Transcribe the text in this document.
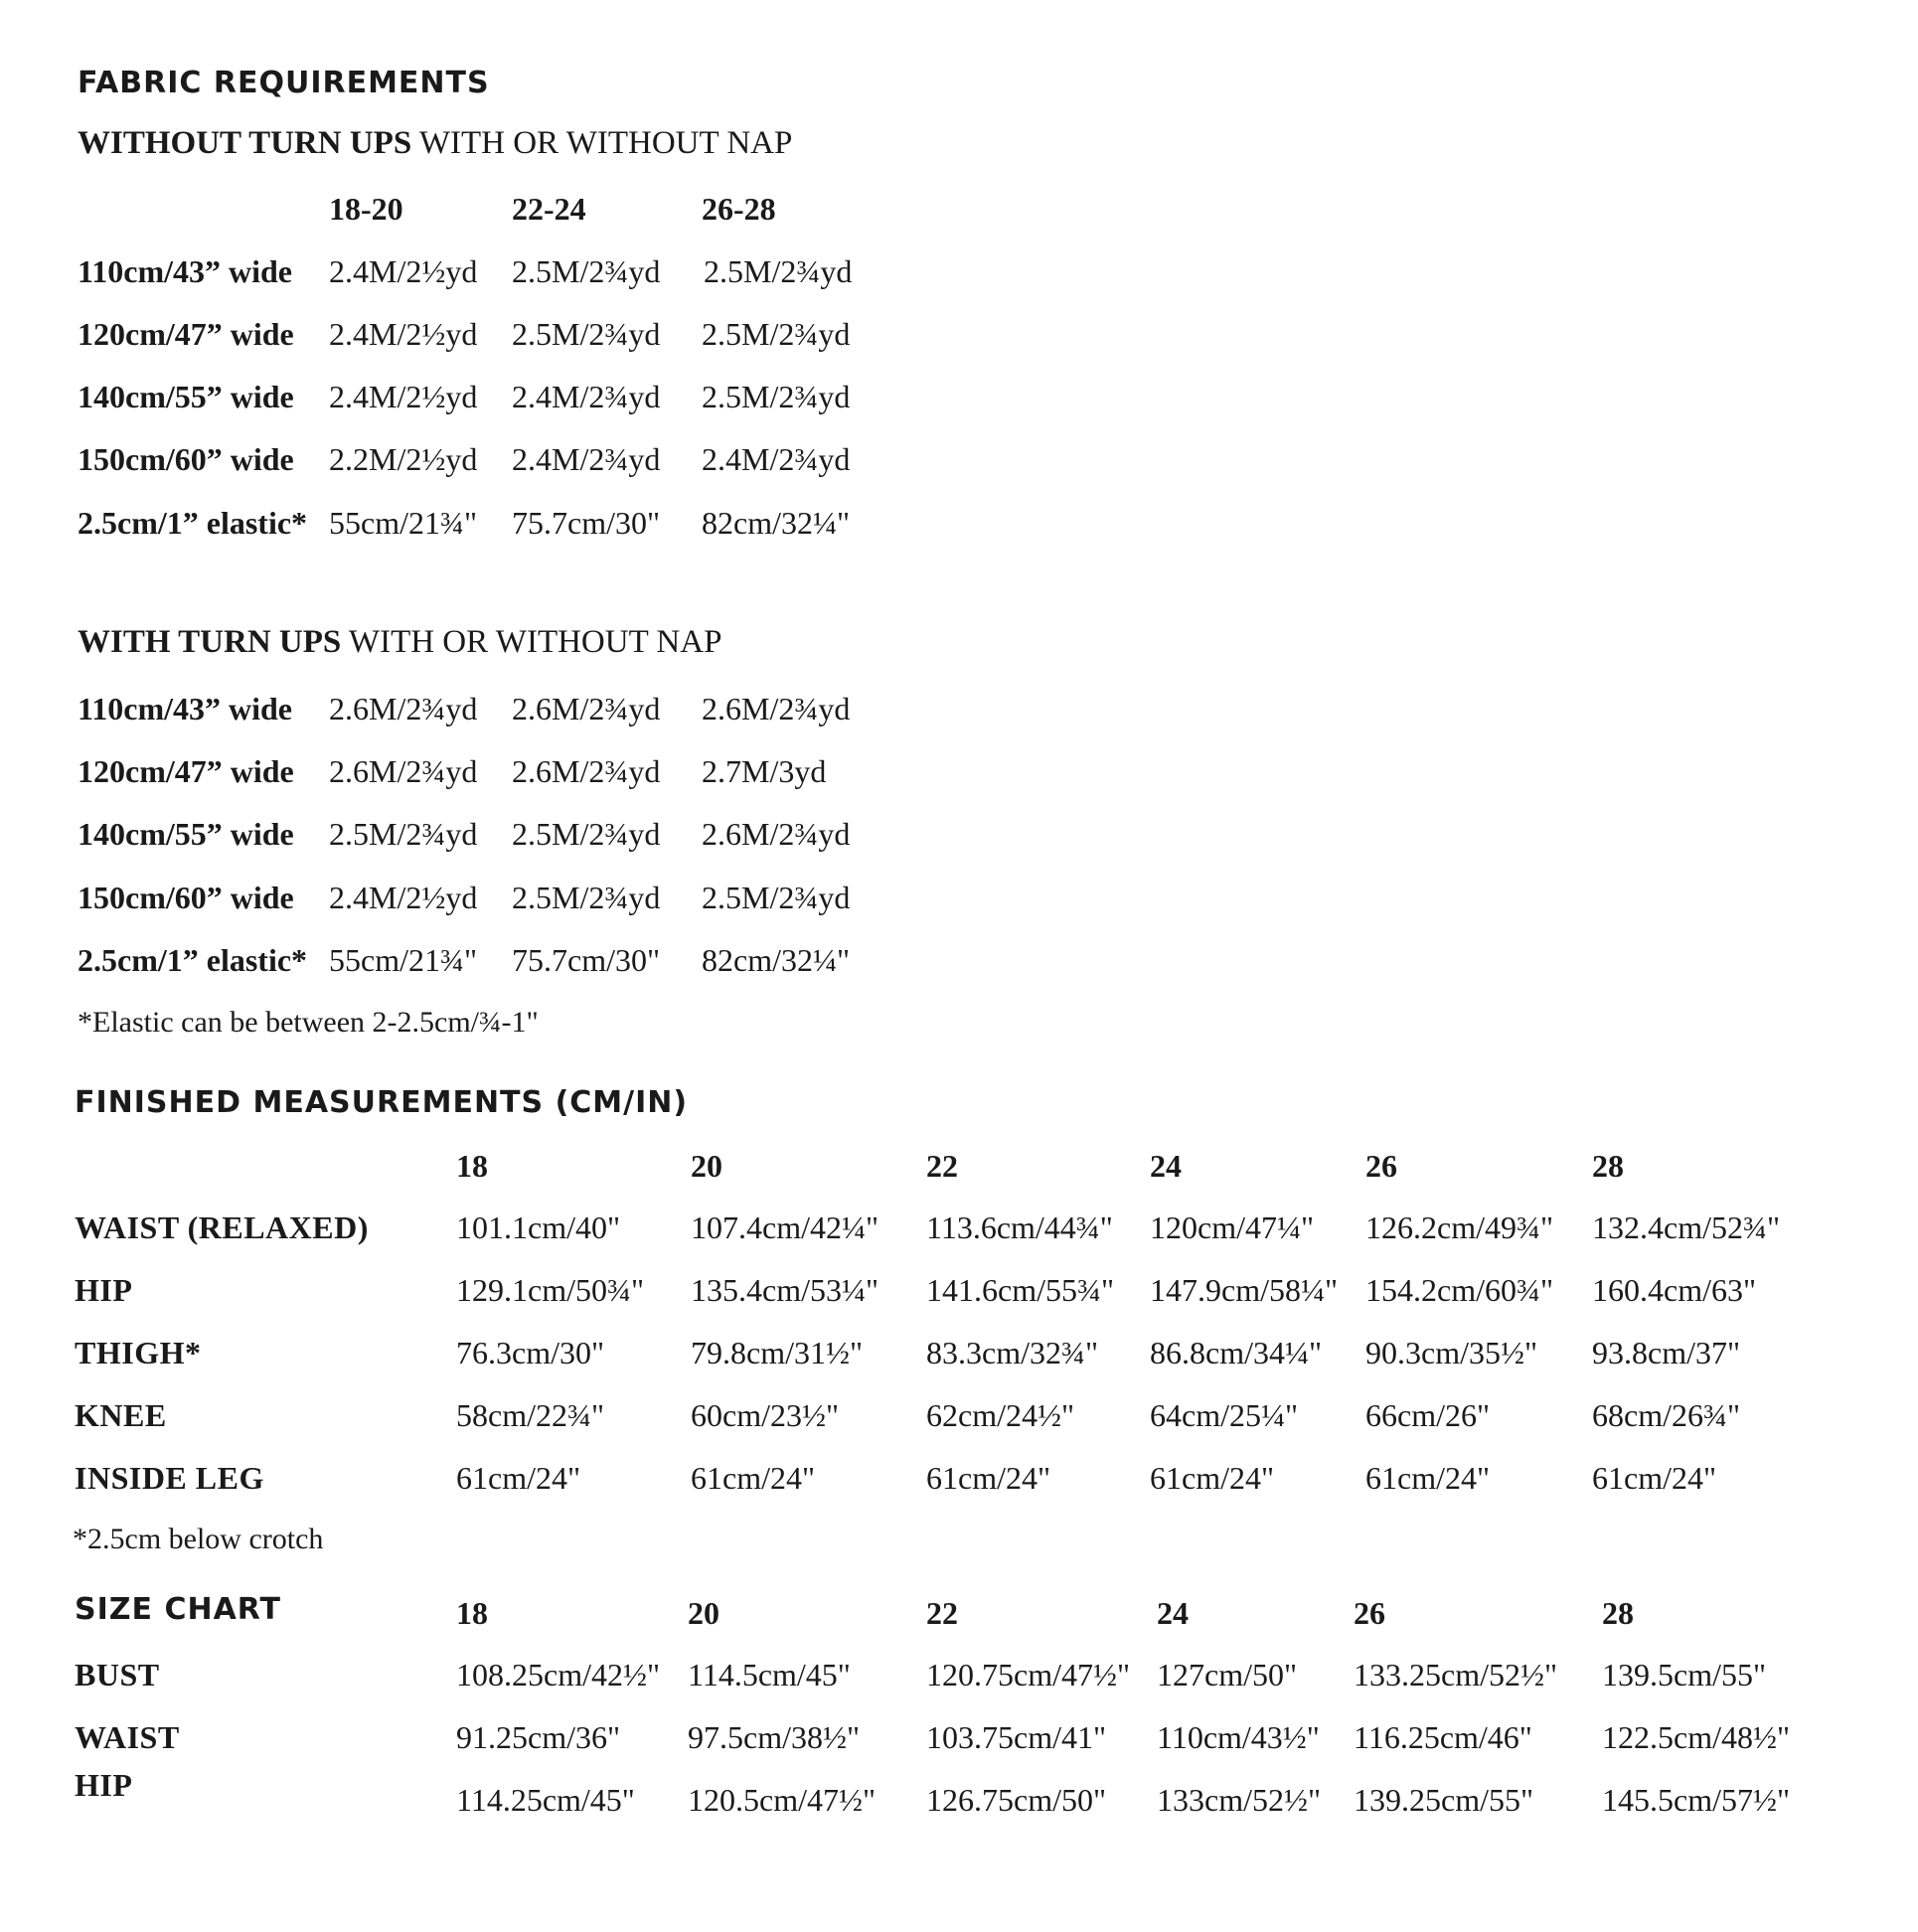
FABRIC REQUIREMENTS
WITHOUT TURN UPS WITH OR WITHOUT NAP
18-20	22-24	26-28
110cm/43” wide 2.4M/2½yd 2.5M/2¾yd 2.5M/2¾yd
120cm/47” wide 2.4M/2½yd 2.5M/2¾yd 2.5M/2¾yd
140cm/55” wide 2.4M/2½yd 2.4M/2¾yd 2.5M/2¾yd
150cm/60” wide 2.2M/2½yd 2.4M/2¾yd 2.4M/2¾yd
2.5cm/1” elastic* 55cm/21¾" 75.7cm/30" 82cm/32¼"
WITH TURN UPS WITH OR WITHOUT NAP
110cm/43” wide 2.6M/2¾yd 2.6M/2¾yd 2.6M/2¾yd
120cm/47” wide 2.6M/2¾yd 2.6M/2¾yd 2.7M/3yd
140cm/55” wide 2.5M/2¾yd 2.5M/2¾yd 2.6M/2¾yd
150cm/60” wide 2.4M/2½yd 2.5M/2¾yd 2.5M/2¾yd
2.5cm/1” elastic* 55cm/21¾" 75.7cm/30" 82cm/32¼"
*Elastic can be between 2-2.5cm/¾-1"
FINISHED MEASUREMENTS (CM/IN)
18	20	22	24	26	28
WAIST (RELAXED)	101.1cm/40" 107.4cm/42¼" 113.6cm/44¾" 120cm/47¼" 126.2cm/49¾" 132.4cm/52¾"
HIP	129.1cm/50¾" 135.4cm/53¼" 141.6cm/55¾" 147.9cm/58¼" 154.2cm/60¾" 160.4cm/63"
THIGH*	76.3cm/30"	79.8cm/31½" 83.3cm/32¾" 86.8cm/34¼" 90.3cm/35½" 93.8cm/37"
KNEE	58cm/22¾"	60cm/23½"	62cm/24½" 64cm/25¼" 66cm/26"	68cm/26¾"
INSIDE LEG	61cm/24"	61cm/24"	61cm/24"	61cm/24"	61cm/24"	61cm/24"
*2.5cm below crotch
SIZE CHART	18	20	22	24	26	28
BUST	108.25cm/42½" 114.5cm/45" 120.75cm/47½" 127cm/50" 133.25cm/52½" 139.5cm/55"
WAIST	91.25cm/36" 97.5cm/38½" 103.75cm/41" 110cm/43½" 116.25cm/46" 122.5cm/48½"
HIP	114.25cm/45" 120.5cm/47½" 126.75cm/50" 133cm/52½" 139.25cm/55" 145.5cm/57½"
